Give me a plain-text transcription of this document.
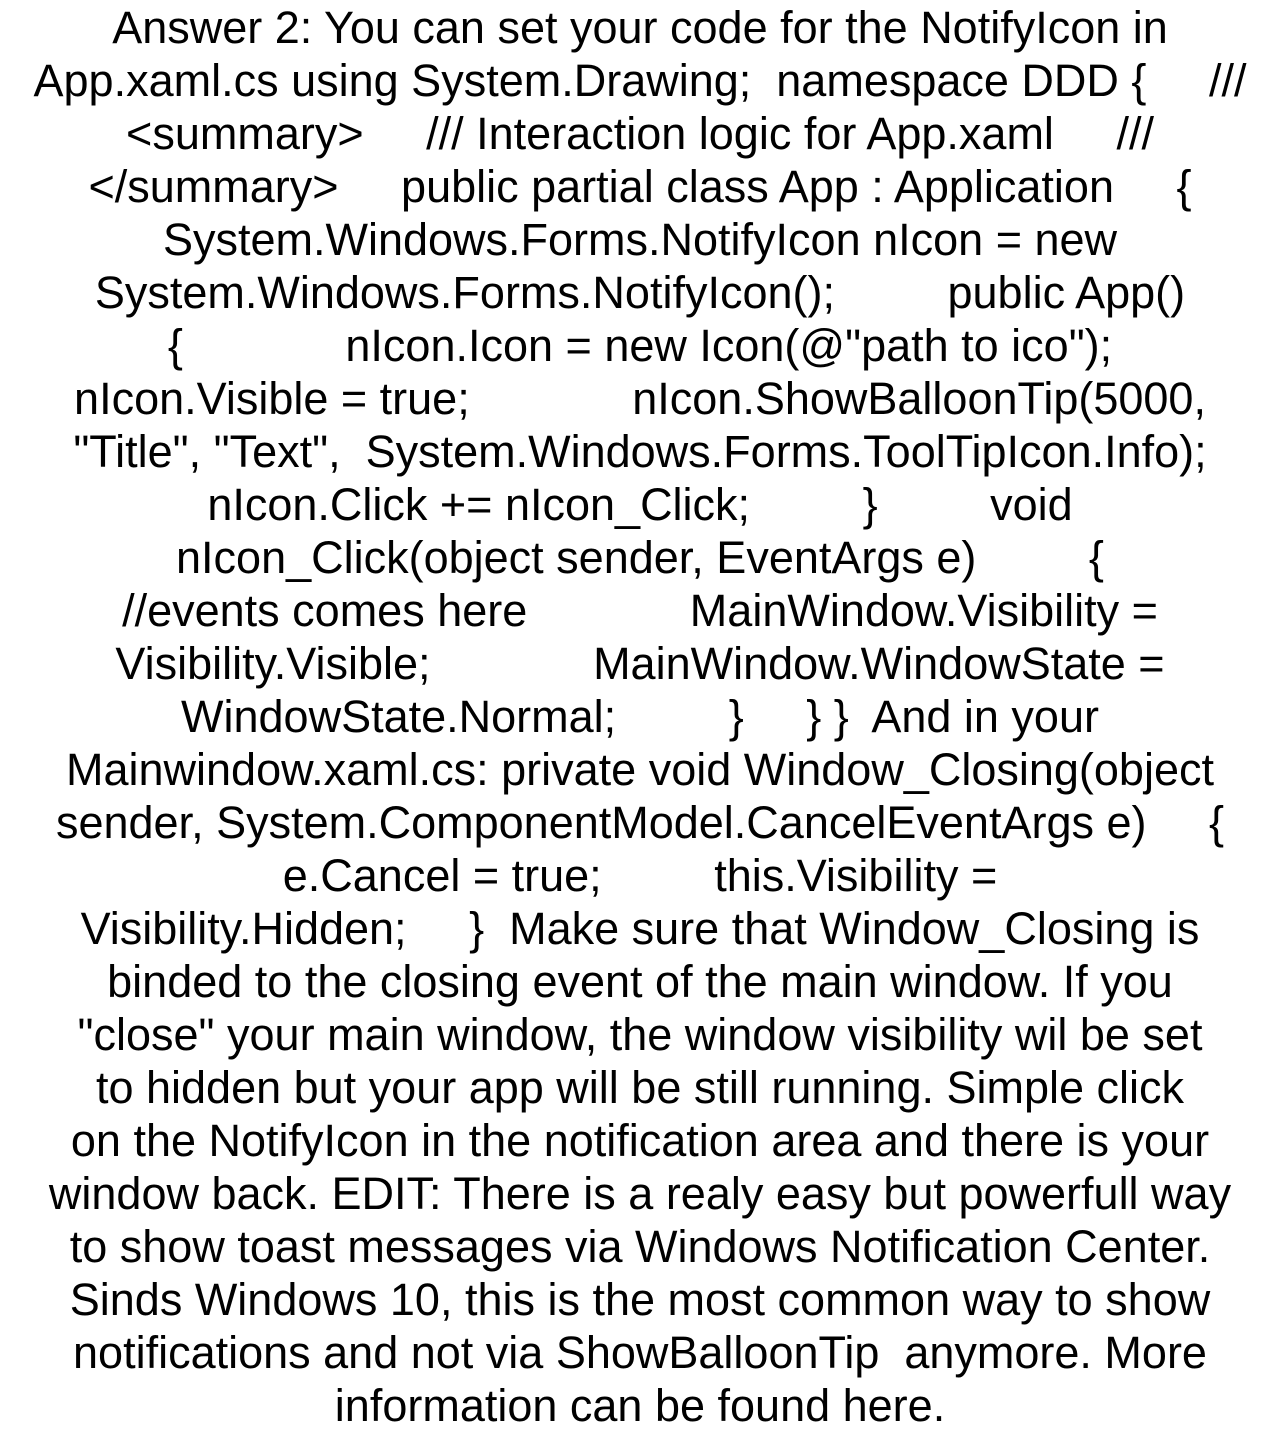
Answer 2: You can set your code for the NotifyIcon in
App.xaml.cs using System.Drawing;  namespace DDD {     ///
<summary>     /// Interaction logic for App.xaml     ///
</summary>     public partial class App : Application     {
System.Windows.Forms.NotifyIcon nIcon = new
System.Windows.Forms.NotifyIcon();         public App()
{             nIcon.Icon = new Icon(@"path to ico");
nIcon.Visible = true;             nIcon.ShowBalloonTip(5000,
"Title", "Text",  System.Windows.Forms.ToolTipIcon.Info);
nIcon.Click += nIcon_Click;         }         void
nIcon_Click(object sender, EventArgs e)         {
//events comes here             MainWindow.Visibility =
Visibility.Visible;             MainWindow.WindowState =
WindowState.Normal;         }     } }  And in your
Mainwindow.xaml.cs: private void Window_Closing(object
sender, System.ComponentModel.CancelEventArgs e)     {
e.Cancel = true;         this.Visibility =
Visibility.Hidden;     }  Make sure that Window_Closing is
binded to the closing event of the main window. If you
"close" your main window, the window visibility wil be set
to hidden but your app will be still running. Simple click
on the NotifyIcon in the notification area and there is your
window back. EDIT: There is a realy easy but powerfull way
to show toast messages via Windows Notification Center.
Sinds Windows 10, this is the most common way to show
notifications and not via ShowBalloonTip  anymore. More
information can be found here.
